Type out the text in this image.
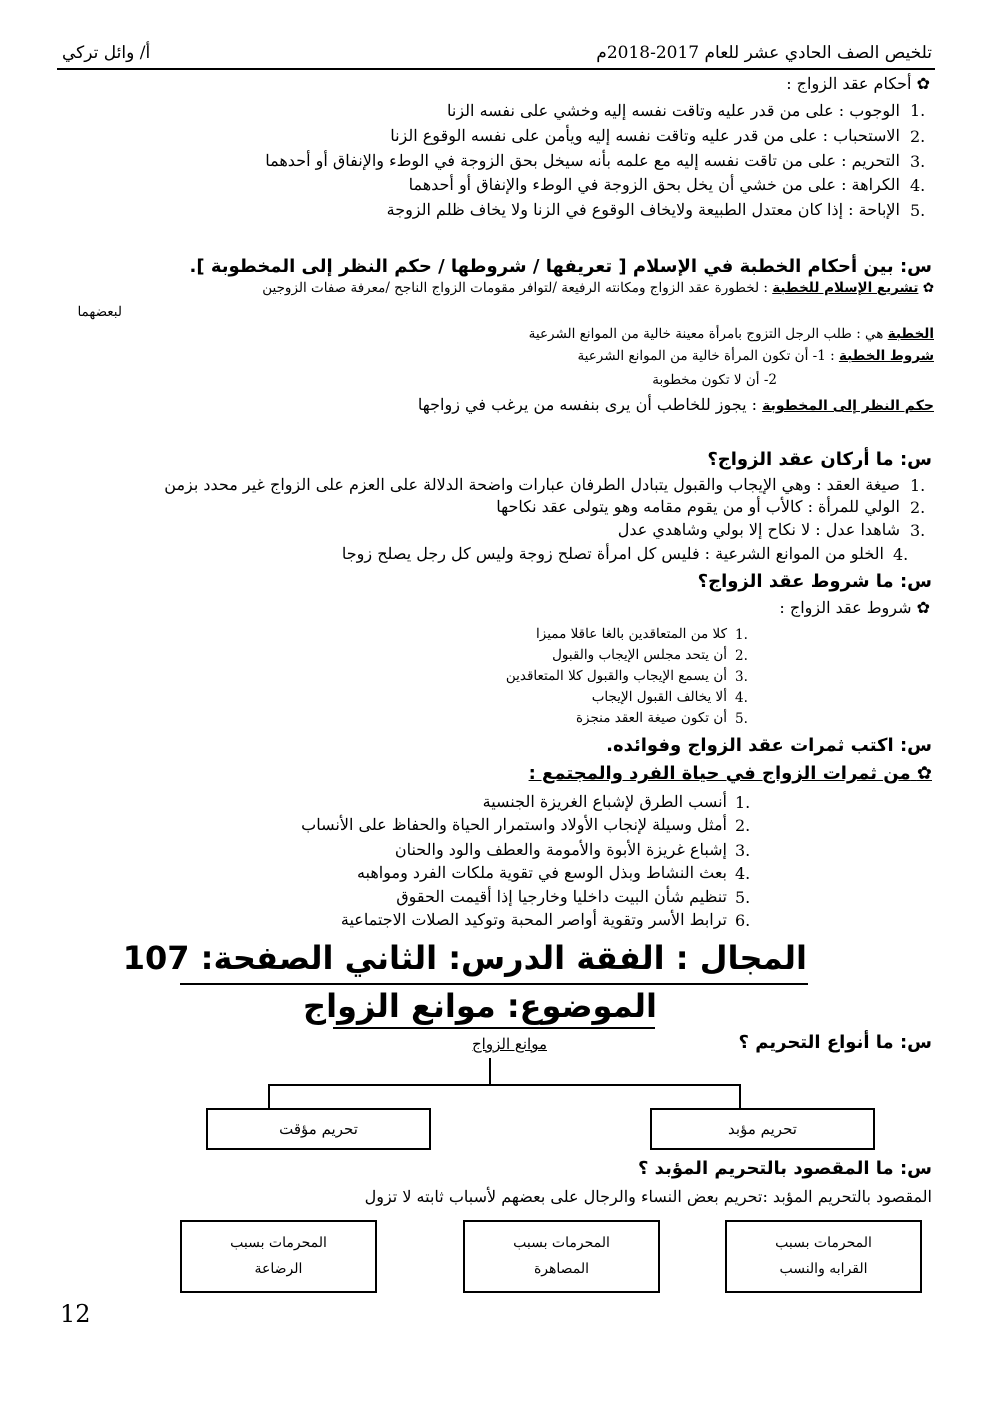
تلخيص الصف الحادي عشر للعام 2017-2018م
أ/ وائل تركي
✿ أحكام عقد الزواج :
الوجوب : على من قدر عليه وتاقت نفسه إليه وخشي على نفسه الزنا 1.
2.
3.
4.
5.
الاستحباب : على من قدر عليه وتاقت نفسه إليه ويأمن على نفسه الوقوع الزنا
التحريم : على من تاقت نفسه إليه مع علمه بأنه سيخل بحق الزوجة في الوطء والإنفاق أو أحدهما
الكراهة : على من خشي أن يخل بحق الزوجة في الوطء والإنفاق أو أحدهما
الإباحة : إذا كان معتدل الطبيعة ولايخاف الوقوع في الزنا ولا يخاف ظلم الزوجة
س: بين أحكام الخطبة في الإسلام [ تعريفها / شروطها / حكم النظر إلى المخطوبة ].
✿ تشريع الإسلام للخطبة : لخطورة عقد الزواج ومكانته الرفيعة /لتوافر مقومات الزواج الناجح /معرفة صفات الزوجين
لبعضهما
الخطبة هي : طلب الرجل التزوج بامرأة معينة خالية من الموانع الشرعية
شروط الخطبة : 1- أن تكون المرأة خالية من الموانع الشرعية
2- أن لا تكون مخطوبة
حكم النظر إلى المخطوبة : يجوز للخاطب أن يرى بنفسه من يرغب في زواجها
س: ما أركان عقد الزواج؟
1.
2.
3.
4.
صيغة العقد : وهي الإيجاب والقبول يتبادل الطرفان عبارات واضحة الدلالة على العزم على الزواج غير محدد بزمن
الولي للمرأة : كالأب أو من يقوم مقامه وهو يتولى عقد نكاحها
شاهدا عدل : لا نكاح إلا بولي وشاهدي عدل
الخلو من الموانع الشرعية : فليس كل امرأة تصلح زوجة وليس كل رجل يصلح زوجا
س: ما شروط عقد الزواج؟
✿ شروط عقد الزواج :
1.
2.
3.
4.
5.
كلا من المتعاقدين بالغا عاقلا مميزا
أن يتحد مجلس الإيجاب والقبول
أن يسمع الإيجاب والقبول كلا المتعاقدين
ألا يخالف القبول الإيجاب
أن تكون صيغة العقد منجزة
س: اكتب ثمرات عقد الزواج وفوائده.
✿ من ثمرات الزواج في حياة الفرد والمجتمع :
1.
2.
3.
4.
5.
6.
أنسب الطرق لإشباع الغريزة الجنسية
أمثل وسيلة لإنجاب الأولاد واستمرار الحياة والحفاظ على الأنساب
إشباع غريزة الأبوة والأمومة والعطف والود والحنان
بعث النشاط وبذل الوسع في تقوية ملكات الفرد ومواهبه
تنظيم شأن البيت داخليا وخارجيا إذا أقيمت الحقوق
ترابط الأسر وتقوية أواصر المحبة وتوكيد الصلات الاجتماعية
المجال : الفقة الدرس: الثاني الصفحة: 107
الموضوع: موانع الزواج
س: ما أنواع التحريم ؟
موانع الزواج
تحريم مؤقت	تحريم مؤبد
س: ما المقصود بالتحريم المؤبد ؟
المقصود بالتحريم المؤبد :تحريم بعض النساء والرجال على بعضهم لأسباب ثابته لا تزول
المحرمات بسبب
الرضاعة
المحرمات بسبب
المصاهرة
المحرمات بسبب
القرابه والنسب
12
